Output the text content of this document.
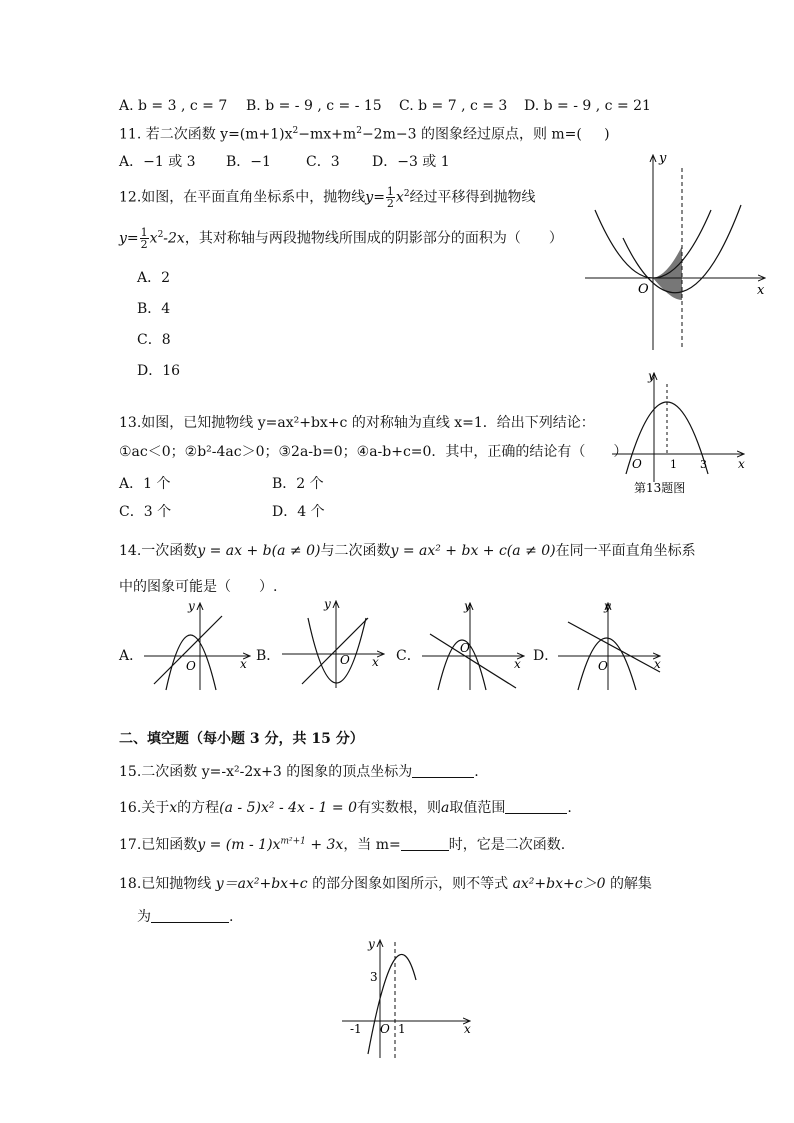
A. b = 3 , c = 7 B. b = - 9 , c = - 15 C. b = 7 , c = 3 D. b = - 9 , c = 21
11. 若二次函数 $y=(m+1)x^2-mx+m^2-2m-3$ 的图象经过原点，则 m=( )
A．−1 或 3 B．−1	C．3 D．−3 或 1
12.如图，在平面直角坐标系中，抛物线$y= \frac{1}{2} x^2$经过平移得到抛物线
$y= \frac{1}{2} x^2-2x$，其对称轴与两段抛物线所围成的阴影部分的面积为（　　）
A．2
B．4
C．8
D．16
y
x
O
13.如图，已知抛物线 y=ax²+bx+c 的对称轴为直线 x=1．给出下列结论：
①ac＜0；②b²-4ac＞0；③2a-b=0；④a-b+c=0．其中，正确的结论有（　　）
A．1 个	B．2 个
C．3 个	D．4 个
y
x
O	1 3
第13题图
14.一次函数y = ax + b(a ≠ 0)与二次函数y = ax² + bx + c(a ≠ 0)在同一平面直角坐标系
中的图象可能是（　　）.
A．	B．	C．	D．
y
x
O
y
x
O
y
x
O
y
x
O
二、填空题（每小题 3 分，共 15 分）
15.二次函数 y=-x²-2x+3 的图象的顶点坐标为	.
16.关于x的方程(a - 5)x² - 4x - 1 = 0有实数根，则a取值范围	.
17.已知函数$y = (m - 1)x^{m^2+1} + 3x$，当 m=	时，它是二次函数.
18.已知抛物线 y＝ax²+bx+c 的部分图象如图所示，则不等式 ax²+bx+c＞0 的解集
为	.
y
x
O
3
-1	1
